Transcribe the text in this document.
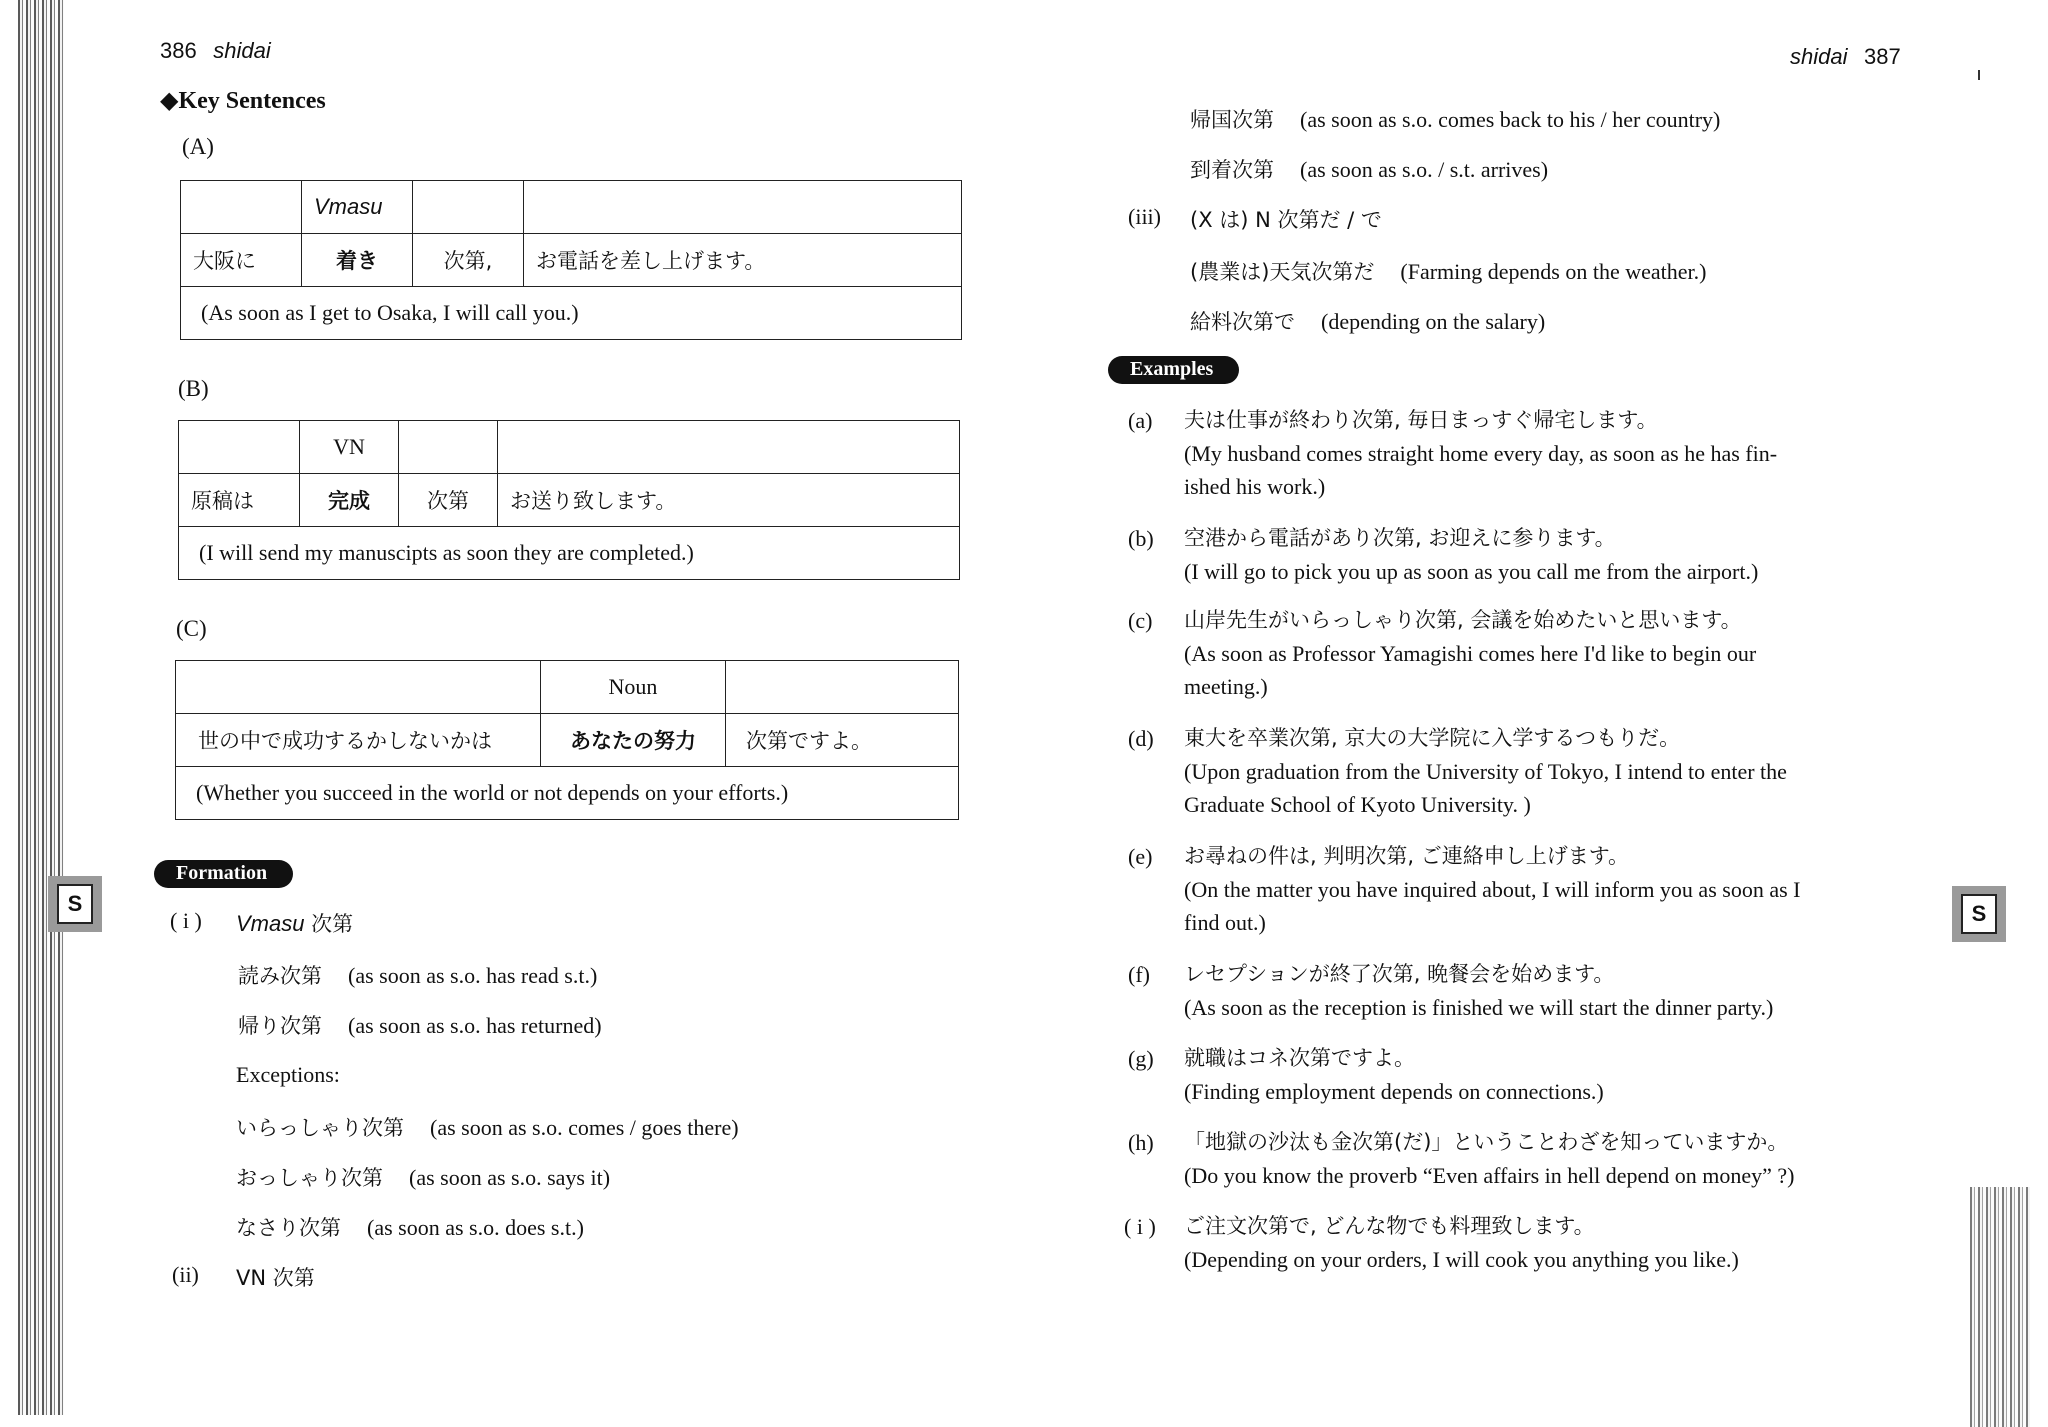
386 shidai
◆Key Sentences
(A)
	Vmasu		
大阪に	着き	次第,	お電話を差し上げます。
(As soon as I get to Osaka, I will call you.)			
(B)
	VN		
原稿は	完成	次第	お送り致します。
(I will send my manuscipts as soon they are completed.)			
(C)
	Noun	
世の中で成功するかしないかは	あなたの努力	次第ですよ。
(Whether you succeed in the world or not depends on your efforts.)		
Formation
S
( i ) Vmasu 次第
読み次第 (as soon as s.o. has read s.t.)
帰り次第 (as soon as s.o. has returned)
Exceptions:
いらっしゃり次第 (as soon as s.o. comes / goes there)
おっしゃり次第 (as soon as s.o. says it)
なさり次第 (as soon as s.o. does s.t.)
(ii) VN 次第
shidai 387
帰国次第 (as soon as s.o. comes back to his / her country)
到着次第 (as soon as s.o. / s.t. arrives)
(iii) (X は) N 次第だ / で
(農業は)天気次第だ (Farming depends on the weather.)
給料次第で (depending on the salary)
Examples
S
(a) 夫は仕事が終わり次第, 毎日まっすぐ帰宅します。
(My husband comes straight home every day, as soon as he has fin-
ished his work.)
(b) 空港から電話があり次第, お迎えに参ります。
(I will go to pick you up as soon as you call me from the airport.)
(c) 山岸先生がいらっしゃり次第, 会議を始めたいと思います。
(As soon as Professor Yamagishi comes here I'd like to begin our
meeting.)
(d) 東大を卒業次第, 京大の大学院に入学するつもりだ。
(Upon graduation from the University of Tokyo, I intend to enter the
Graduate School of Kyoto University. )
(e) お尋ねの件は, 判明次第, ご連絡申し上げます。
(On the matter you have inquired about, I will inform you as soon as I
find out.)
(f) レセプションが終了次第, 晩餐会を始めます。
(As soon as the reception is finished we will start the dinner party.)
(g) 就職はコネ次第ですよ。
(Finding employment depends on connections.)
(h) 「地獄の沙汰も金次第(だ)」ということわざを知っていますか。
(Do you know the proverb “Even affairs in hell depend on money” ?)
( i ) ご注文次第で, どんな物でも料理致します。
(Depending on your orders, I will cook you anything you like.)
